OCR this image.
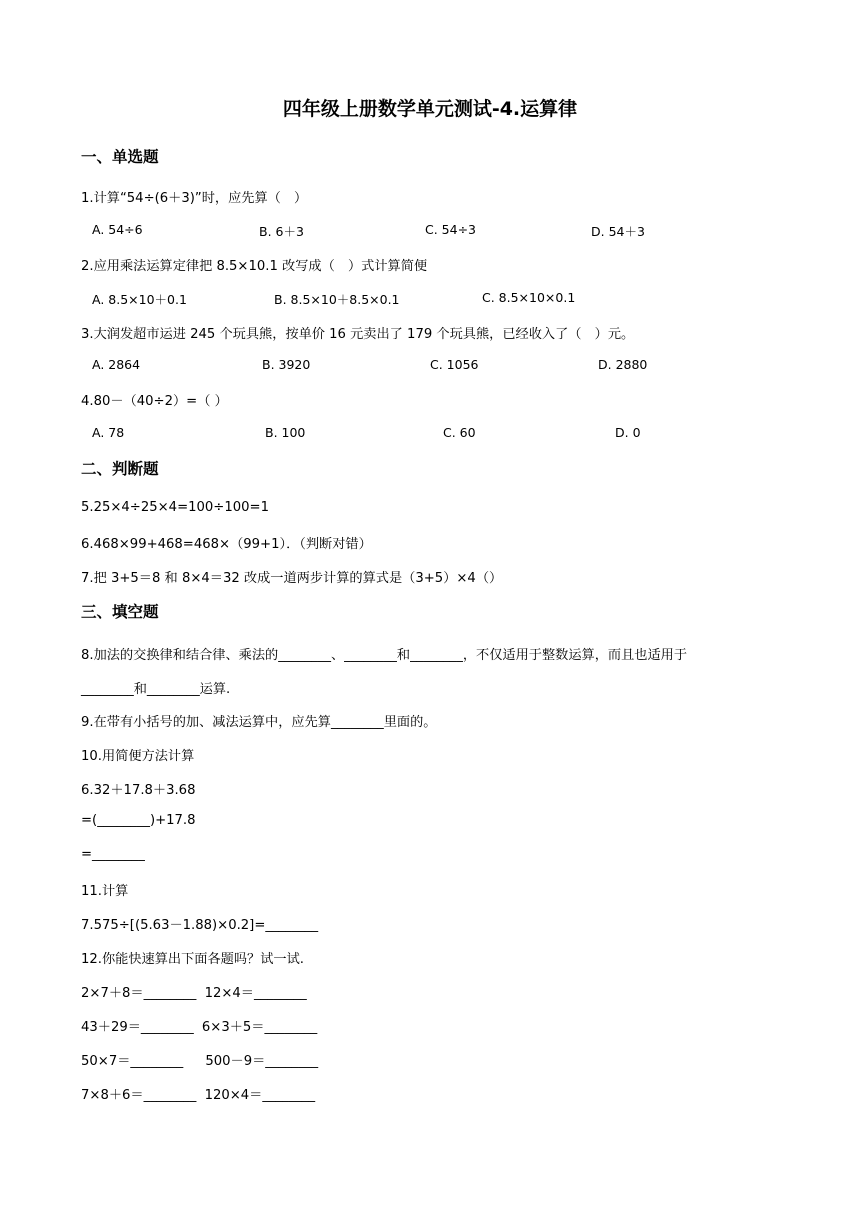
四年级上册数学单元测试-4.运算律
一、单选题
1.计算“54÷(6＋3)”时，应先算（　）
A. 54÷6	B. 6＋3	C. 54÷3	D. 54＋3
2.应用乘法运算定律把 8.5×10.1 改写成（　）式计算简便
A. 8.5×10＋0.1	B. 8.5×10＋8.5×0.1	C. 8.5×10×0.1
3.大润发超市运进 245 个玩具熊，按单价 16 元卖出了 179 个玩具熊，已经收入了（　）元。
A. 2864	B. 3920	C. 1056	D. 2880
4.80－（40÷2）=（ ）
A. 78	B. 100	C. 60	D. 0
二、判断题
5.25×4÷25×4=100÷100=1
6.468×99+468=468×（99+1）．（判断对错）
7.把 3+5＝8 和 8×4＝32 改成一道两步计算的算式是（3+5）×4（）
三、填空题
8.加法的交换律和结合律、乘法的________、________和________，不仅适用于整数运算，而且也适用于
________和________运算.
9.在带有小括号的加、减法运算中，应先算________里面的。
10.用简便方法计算
6.32＋17.8＋3.68
=(________)+17.8
=________
11.计算
7.575÷[(5.63－1.88)×0.2]=________
12.你能快速算出下面各题吗？试一试.
2×7＋8＝________ 12×4＝________
43＋29＝________ 6×3＋5＝________
50×7＝________ 500－9＝________
7×8＋6＝________ 120×4＝________
